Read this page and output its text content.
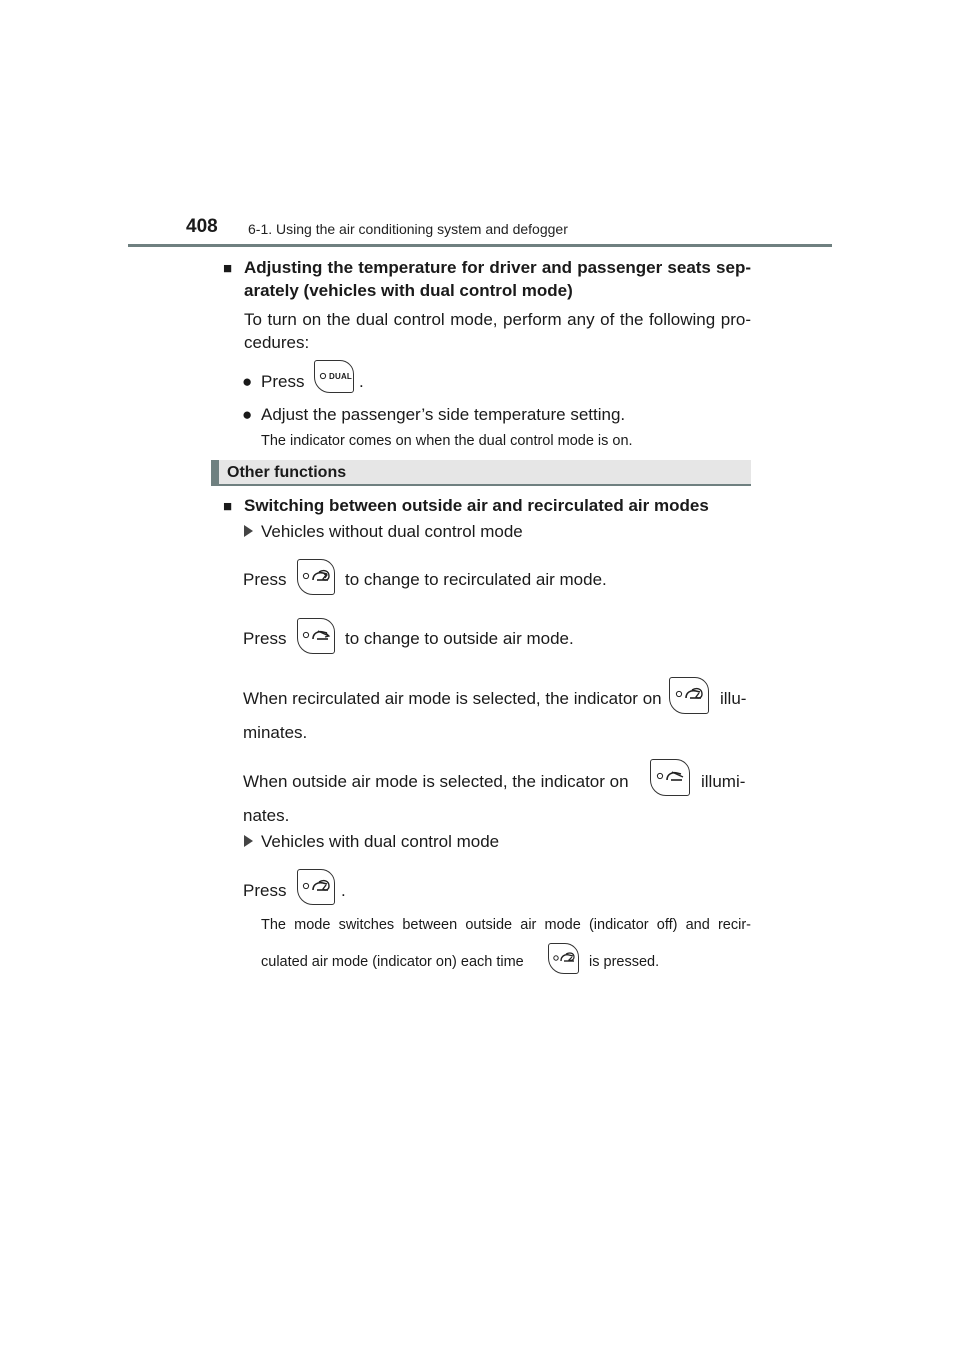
408 6-1. Using the air conditioning system and defogger
■ Adjusting the temperature for driver and passenger seats sep-
arately (vehicles with dual control mode)
To turn on the dual control mode, perform any of the following pro-
cedures:
● Press	DUAL .
● Adjust the passenger’s side temperature setting.
The indicator comes on when the dual control mode is on.
Other functions
■ Switching between outside air and recirculated air modes
Vehicles without dual control mode
Press	to change to recirculated air mode.
Press	to change to outside air mode.
When recirculated air mode is selected, the indicator on	illu-
minates.
When outside air mode is selected, the indicator on	illumi-
nates.
Vehicles with dual control mode
Press	.
The mode switches between outside air mode (indicator off) and recir-
culated air mode (indicator on) each time	is pressed.
